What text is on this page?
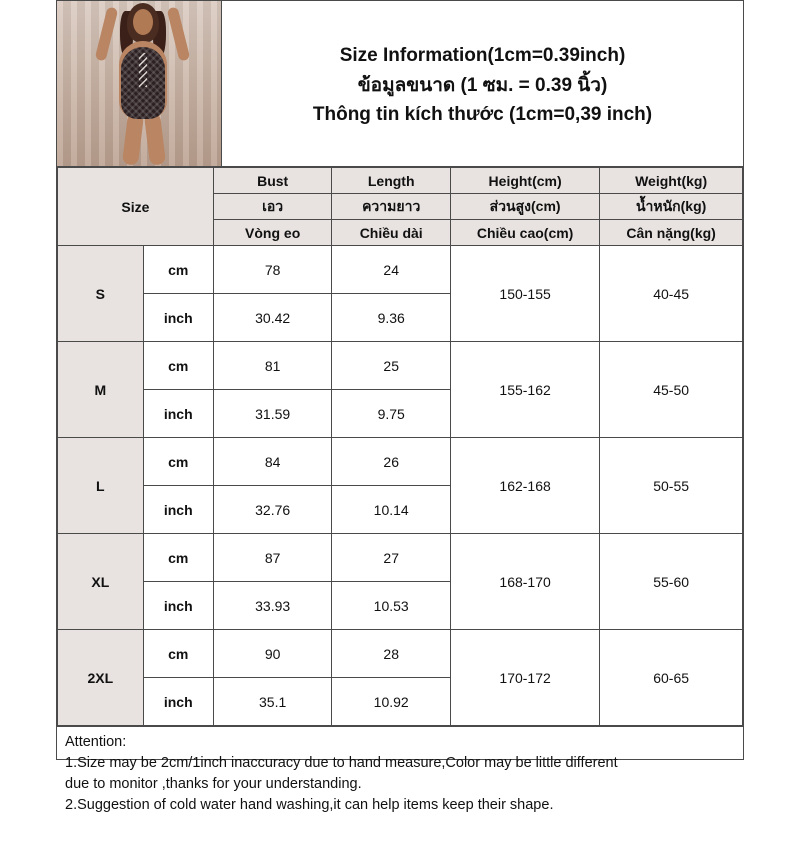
Size Information(1cm=0.39inch)
ข้อมูลขนาด (1 ซม. = 0.39 นิ้ว)
Thông tin kích thước (1cm=0,39 inch)
Size		Bust	Length	Height(cm)	Weight(kg)
		เอว	ความยาว	ส่วนสูง(cm)	น้ำหนัก(kg)
		Vòng eo	Chiều dài	Chiều cao(cm)	Cân nặng(kg)
S	cm	78	24	150-155	40-45
	inch	30.42	9.36		
M	cm	81	25	155-162	45-50
	inch	31.59	9.75		
L	cm	84	26	162-168	50-55
	inch	32.76	10.14		
XL	cm	87	27	168-170	55-60
	inch	33.93	10.53		
2XL	cm	90	28	170-172	60-65
	inch	35.1	10.92		

Attention:

1.Size may be 2cm/1inch inaccuracy due to hand measure,Color may be little different

due to monitor ,thanks for your understanding.

2.Suggestion of cold water hand washing,it can help items keep their shape.
